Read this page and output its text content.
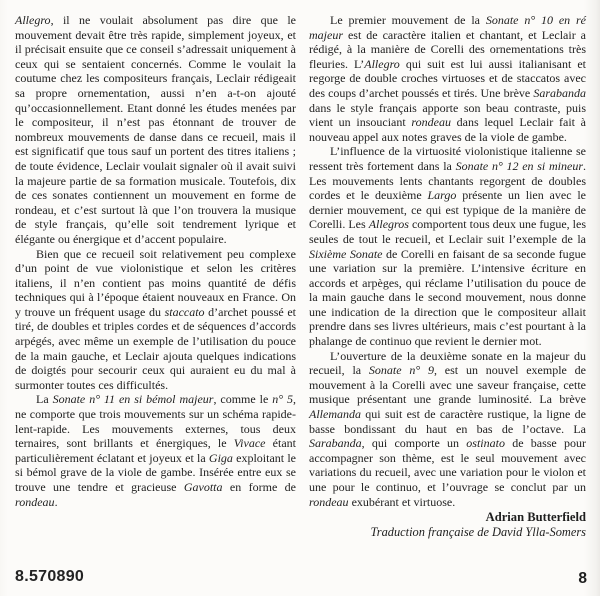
Allegro, il ne voulait absolument pas dire que le mouvement devait être très rapide, simplement joyeux, et il précisait ensuite que ce conseil s’adressait uniquement à ceux qui se sentaient concernés. Comme le voulait la coutume chez les compositeurs français, Leclair rédigeait sa propre ornementation, aussi n’en a-t-on ajouté qu’occasionnellement. Etant donné les études menées par le compositeur, il n’est pas étonnant de trouver de nombreux mouvements de danse dans ce recueil, mais il est significatif que tous sauf un portent des titres italiens ; de toute évidence, Leclair voulait signaler où il avait suivi la majeure partie de sa formation musicale. Toutefois, dix de ces sonates contiennent un mouvement en forme de rondeau, et c’est surtout là que l’on trouvera la musique de style français, qu’elle soit tendrement lyrique et élégante ou énergique et d’accent populaire.

Bien que ce recueil soit relativement peu complexe d’un point de vue violonistique et selon les critères italiens, il n’en contient pas moins quantité de défis techniques qui à l’époque étaient nouveaux en France. On y trouve un fréquent usage du staccato d’archet poussé et tiré, de doubles et triples cordes et de séquences d’accords arpégés, avec même un exemple de l’utilisation du pouce de la main gauche, et Leclair ajouta quelques indications de doigtés pour secourir ceux qui auraient eu du mal à surmonter toutes ces difficultés.

La Sonate n° 11 en si bémol majeur, comme le n° 5, ne comporte que trois mouvements sur un schéma rapide-lent-rapide. Les mouvements externes, tous deux ternaires, sont brillants et énergiques, le Vivace étant particulièrement éclatant et joyeux et la Giga exploitant le si bémol grave de la viole de gambe. Insérée entre eux se trouve une tendre et gracieuse Gavotta en forme de rondeau.

Le premier mouvement de la Sonate n° 10 en ré majeur est de caractère italien et chantant, et Leclair a rédigé, à la manière de Corelli des ornementations très fleuries. L’Allegro qui suit est lui aussi italianisant et regorge de double croches virtuoses et de staccatos avec des coups d’archet poussés et tirés. Une brève Sarabanda dans le style français apporte son beau contraste, puis vient un insouciant rondeau dans lequel Leclair fait à nouveau appel aux notes graves de la viole de gambe.

L’influence de la virtuosité violonistique italienne se ressent très fortement dans la Sonate n° 12 en si mineur. Les mouvements lents chantants regorgent de doubles cordes et le deuxième Largo présente un lien avec le dernier mouvement, ce qui est typique de la manière de Corelli. Les Allegros comportent tous deux une fugue, les seules de tout le recueil, et Leclair suit l’exemple de la Sixième Sonate de Corelli en faisant de sa seconde fugue une variation sur la première. L’intensive écriture en accords et arpèges, qui réclame l’utilisation du pouce de la main gauche dans le second mouvement, nous donne une indication de la direction que le compositeur allait prendre dans ses livres ultérieurs, mais c’est pourtant à la phalange de continuo que revient le dernier mot.

L’ouverture de la deuxième sonate en la majeur du recueil, la Sonate n° 9, est un nouvel exemple de mouvement à la Corelli avec une saveur française, cette musique présentant une grande luminosité. La brève Allemanda qui suit est de caractère rustique, la ligne de basse bondissant du haut en bas de l’octave. La Sarabanda, qui comporte un ostinato de basse pour accompagner son thème, est le seul mouvement avec variations du recueil, avec une variation pour le violon et une pour le continuo, et l’ouvrage se conclut par un rondeau exubérant et virtuose.

Adrian Butterfield
Traduction française de David Ylla-Somers
8.570890	8
